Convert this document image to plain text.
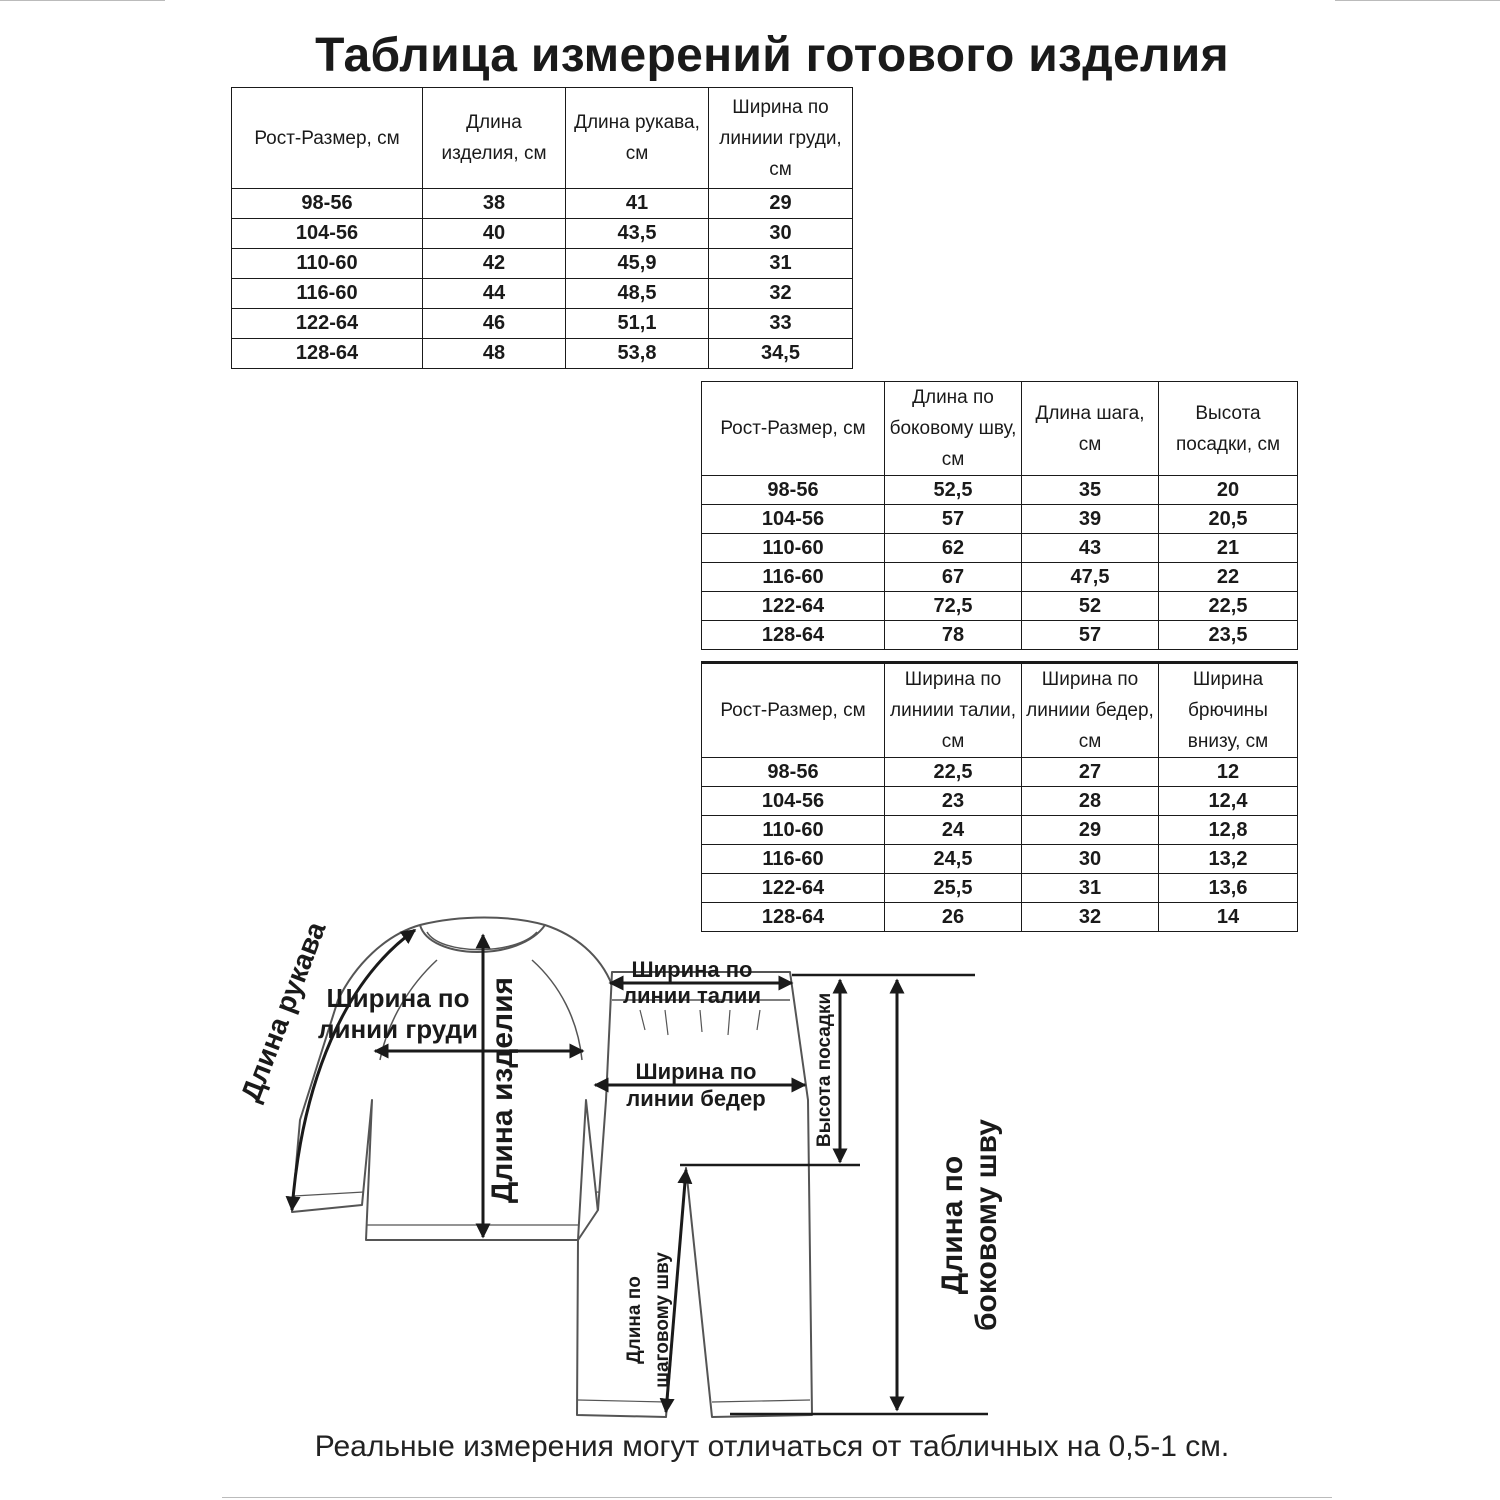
Таблица измерений готового изделия
Рост-Размер, см	Длина изделия, см	Длина рукава, см	Ширина по линиии груди, см
98-56	38	41	29
104-56	40	43,5	30
110-60	42	45,9	31
116-60	44	48,5	32
122-64	46	51,1	33
128-64	48	53,8	34,5
Рост-Размер, см	Длина по боковому шву, см	Длина шага, см	Высота посадки, см
98-56	52,5	35	20
104-56	57	39	20,5
110-60	62	43	21
116-60	67	47,5	22
122-64	72,5	52	22,5
128-64	78	57	23,5
Рост-Размер, см	Ширина по линиии талии, см	Ширина по линиии бедер, см	Ширина брючины внизу, см
98-56	22,5	27	12
104-56	23	28	12,4
110-60	24	29	12,8
116-60	24,5	30	13,2
122-64	25,5	31	13,6
128-64	26	32	14
Длина рукава
Ширина по
линии груди Длина изделия
Ширина по
линии талии
Ширина по
линии бедер	Высота посадки
Длина по шаговому шву
Длина по боковому шву
Реальные измерения могут отличаться от табличных на 0,5-1 см.
